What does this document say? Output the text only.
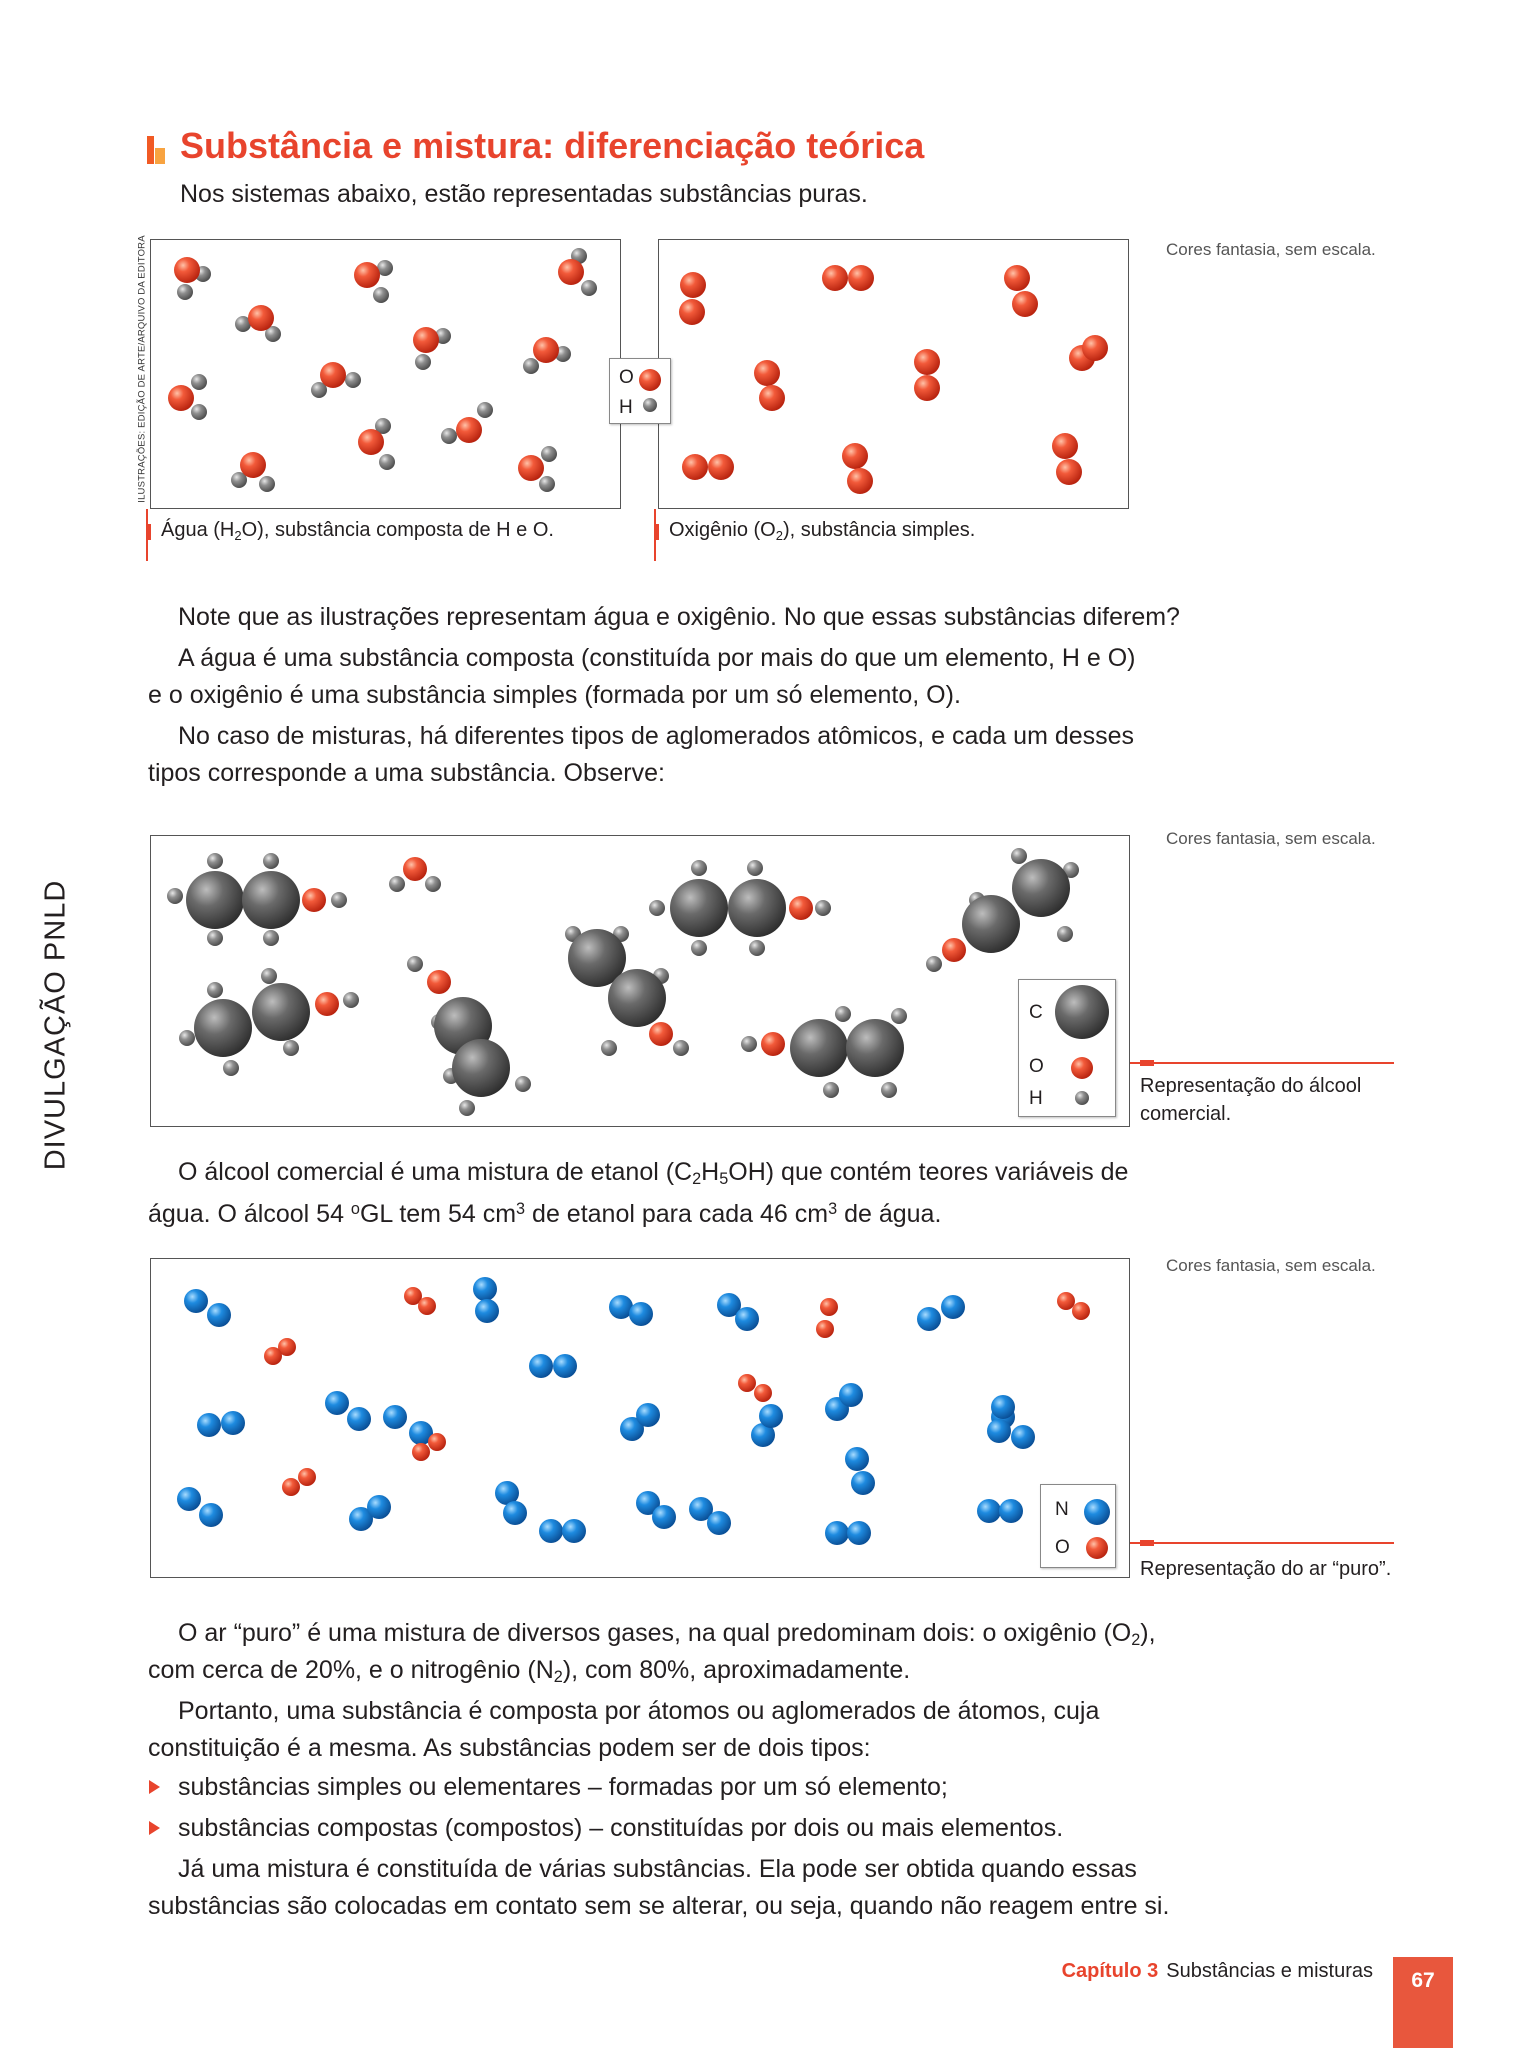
Substância e mistura: diferenciação teórica
Nos sistemas abaixo, estão representadas substâncias puras.
ILUSTRAÇÕES: EDIÇÃO DE ARTE/ARQUIVO DA EDITORA
DIVULGAÇÃO PNLD
O
H
Cores fantasia, sem escala.
Água $(H_2O)$, substância composta de H e O.	Oxigênio $(O_2)$, substância simples.
Note que as ilustrações representam água e oxigênio. No que essas substâncias diferem?
A água é uma substância composta (constituída por mais do que um elemento, H e O)
e o oxigênio é uma substância simples (formada por um só elemento, O).
No caso de misturas, há diferentes tipos de aglomerados atômicos, e cada um desses
tipos corresponde a uma substância. Observe:
C
O
H
Cores fantasia, sem escala.
Representação do álcool
comercial.
O álcool comercial é uma mistura de etanol $(C_2H_5OH)$ que contém teores variáveis de
água. O álcool 54 $^o$GL tem 54 $cm^3$ de etanol para cada 46 $cm^3$ de água.
N
O
Cores fantasia, sem escala.
Representação do ar “puro”.
O ar “puro” é uma mistura de diversos gases, na qual predominam dois: o oxigênio $(O_2)$,
com cerca de 20%, e o nitrogênio $(N_2)$, com 80%, aproximadamente.
Portanto, uma substância é composta por átomos ou aglomerados de átomos, cuja
constituição é a mesma. As substâncias podem ser de dois tipos:
substâncias simples ou elementares – formadas por um só elemento;
substâncias compostas (compostos) – constituídas por dois ou mais elementos.
Já uma mistura é constituída de várias substâncias. Ela pode ser obtida quando essas
substâncias são colocadas em contato sem se alterar, ou seja, quando não reagem entre si.
Capítulo 3 Substâncias e misturas	67
